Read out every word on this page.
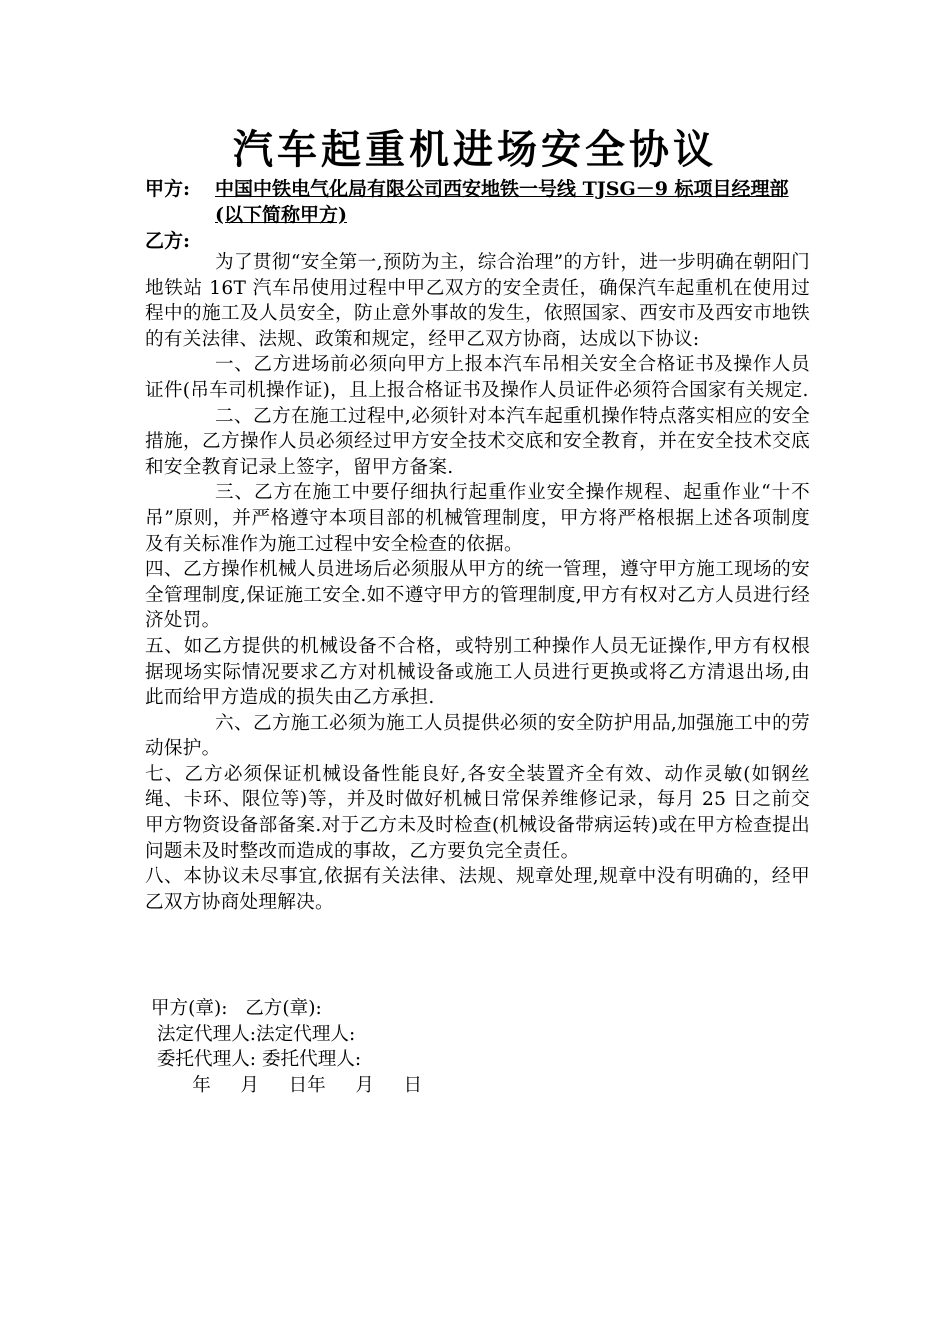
汽车起重机进场安全协议
甲方: 中国中铁电气化局有限公司西安地铁一号线 TJSG－9 标项目经理部(以下简称甲方)
乙方:

为了贯彻“安全第一,预防为主，综合治理”的方针，进一步明确在朝阳门地铁站 16T 汽车吊使用过程中甲乙双方的安全责任，确保汽车起重机在使用过程中的施工及人员安全，防止意外事故的发生，依照国家、西安市及西安市地铁的有关法律、法规、政策和规定，经甲乙双方协商，达成以下协议:

一、乙方进场前必须向甲方上报本汽车吊相关安全合格证书及操作人员证件(吊车司机操作证)，且上报合格证书及操作人员证件必须符合国家有关规定.

二、乙方在施工过程中,必须针对本汽车起重机操作特点落实相应的安全措施，乙方操作人员必须经过甲方安全技术交底和安全教育，并在安全技术交底和安全教育记录上签字，留甲方备案.

三、乙方在施工中要仔细执行起重作业安全操作规程、起重作业“十不吊”原则，并严格遵守本项目部的机械管理制度，甲方将严格根据上述各项制度及有关标准作为施工过程中安全检查的依据。

四、乙方操作机械人员进场后必须服从甲方的统一管理，遵守甲方施工现场的安全管理制度,保证施工安全.如不遵守甲方的管理制度,甲方有权对乙方人员进行经济处罚。

五、如乙方提供的机械设备不合格，或特别工种操作人员无证操作,甲方有权根据现场实际情况要求乙方对机械设备或施工人员进行更换或将乙方清退出场,由此而给甲方造成的损失由乙方承担.

六、乙方施工必须为施工人员提供必须的安全防护用品,加强施工中的劳动保护。

七、乙方必须保证机械设备性能良好,各安全装置齐全有效、动作灵敏(如钢丝绳、卡环、限位等)等，并及时做好机械日常保养维修记录，每月 25 日之前交甲方物资设备部备案.对于乙方未及时检查(机械设备带病运转)或在甲方检查提出问题未及时整改而造成的事故，乙方要负完全责任。

八、本协议未尽事宜,依据有关法律、法规、规章处理,规章中没有明确的，经甲乙双方协商处理解决。

甲方(章):   乙方(章):
法定代理人:法定代理人:
委托代理人: 委托代理人:
年     月     日年     月     日
